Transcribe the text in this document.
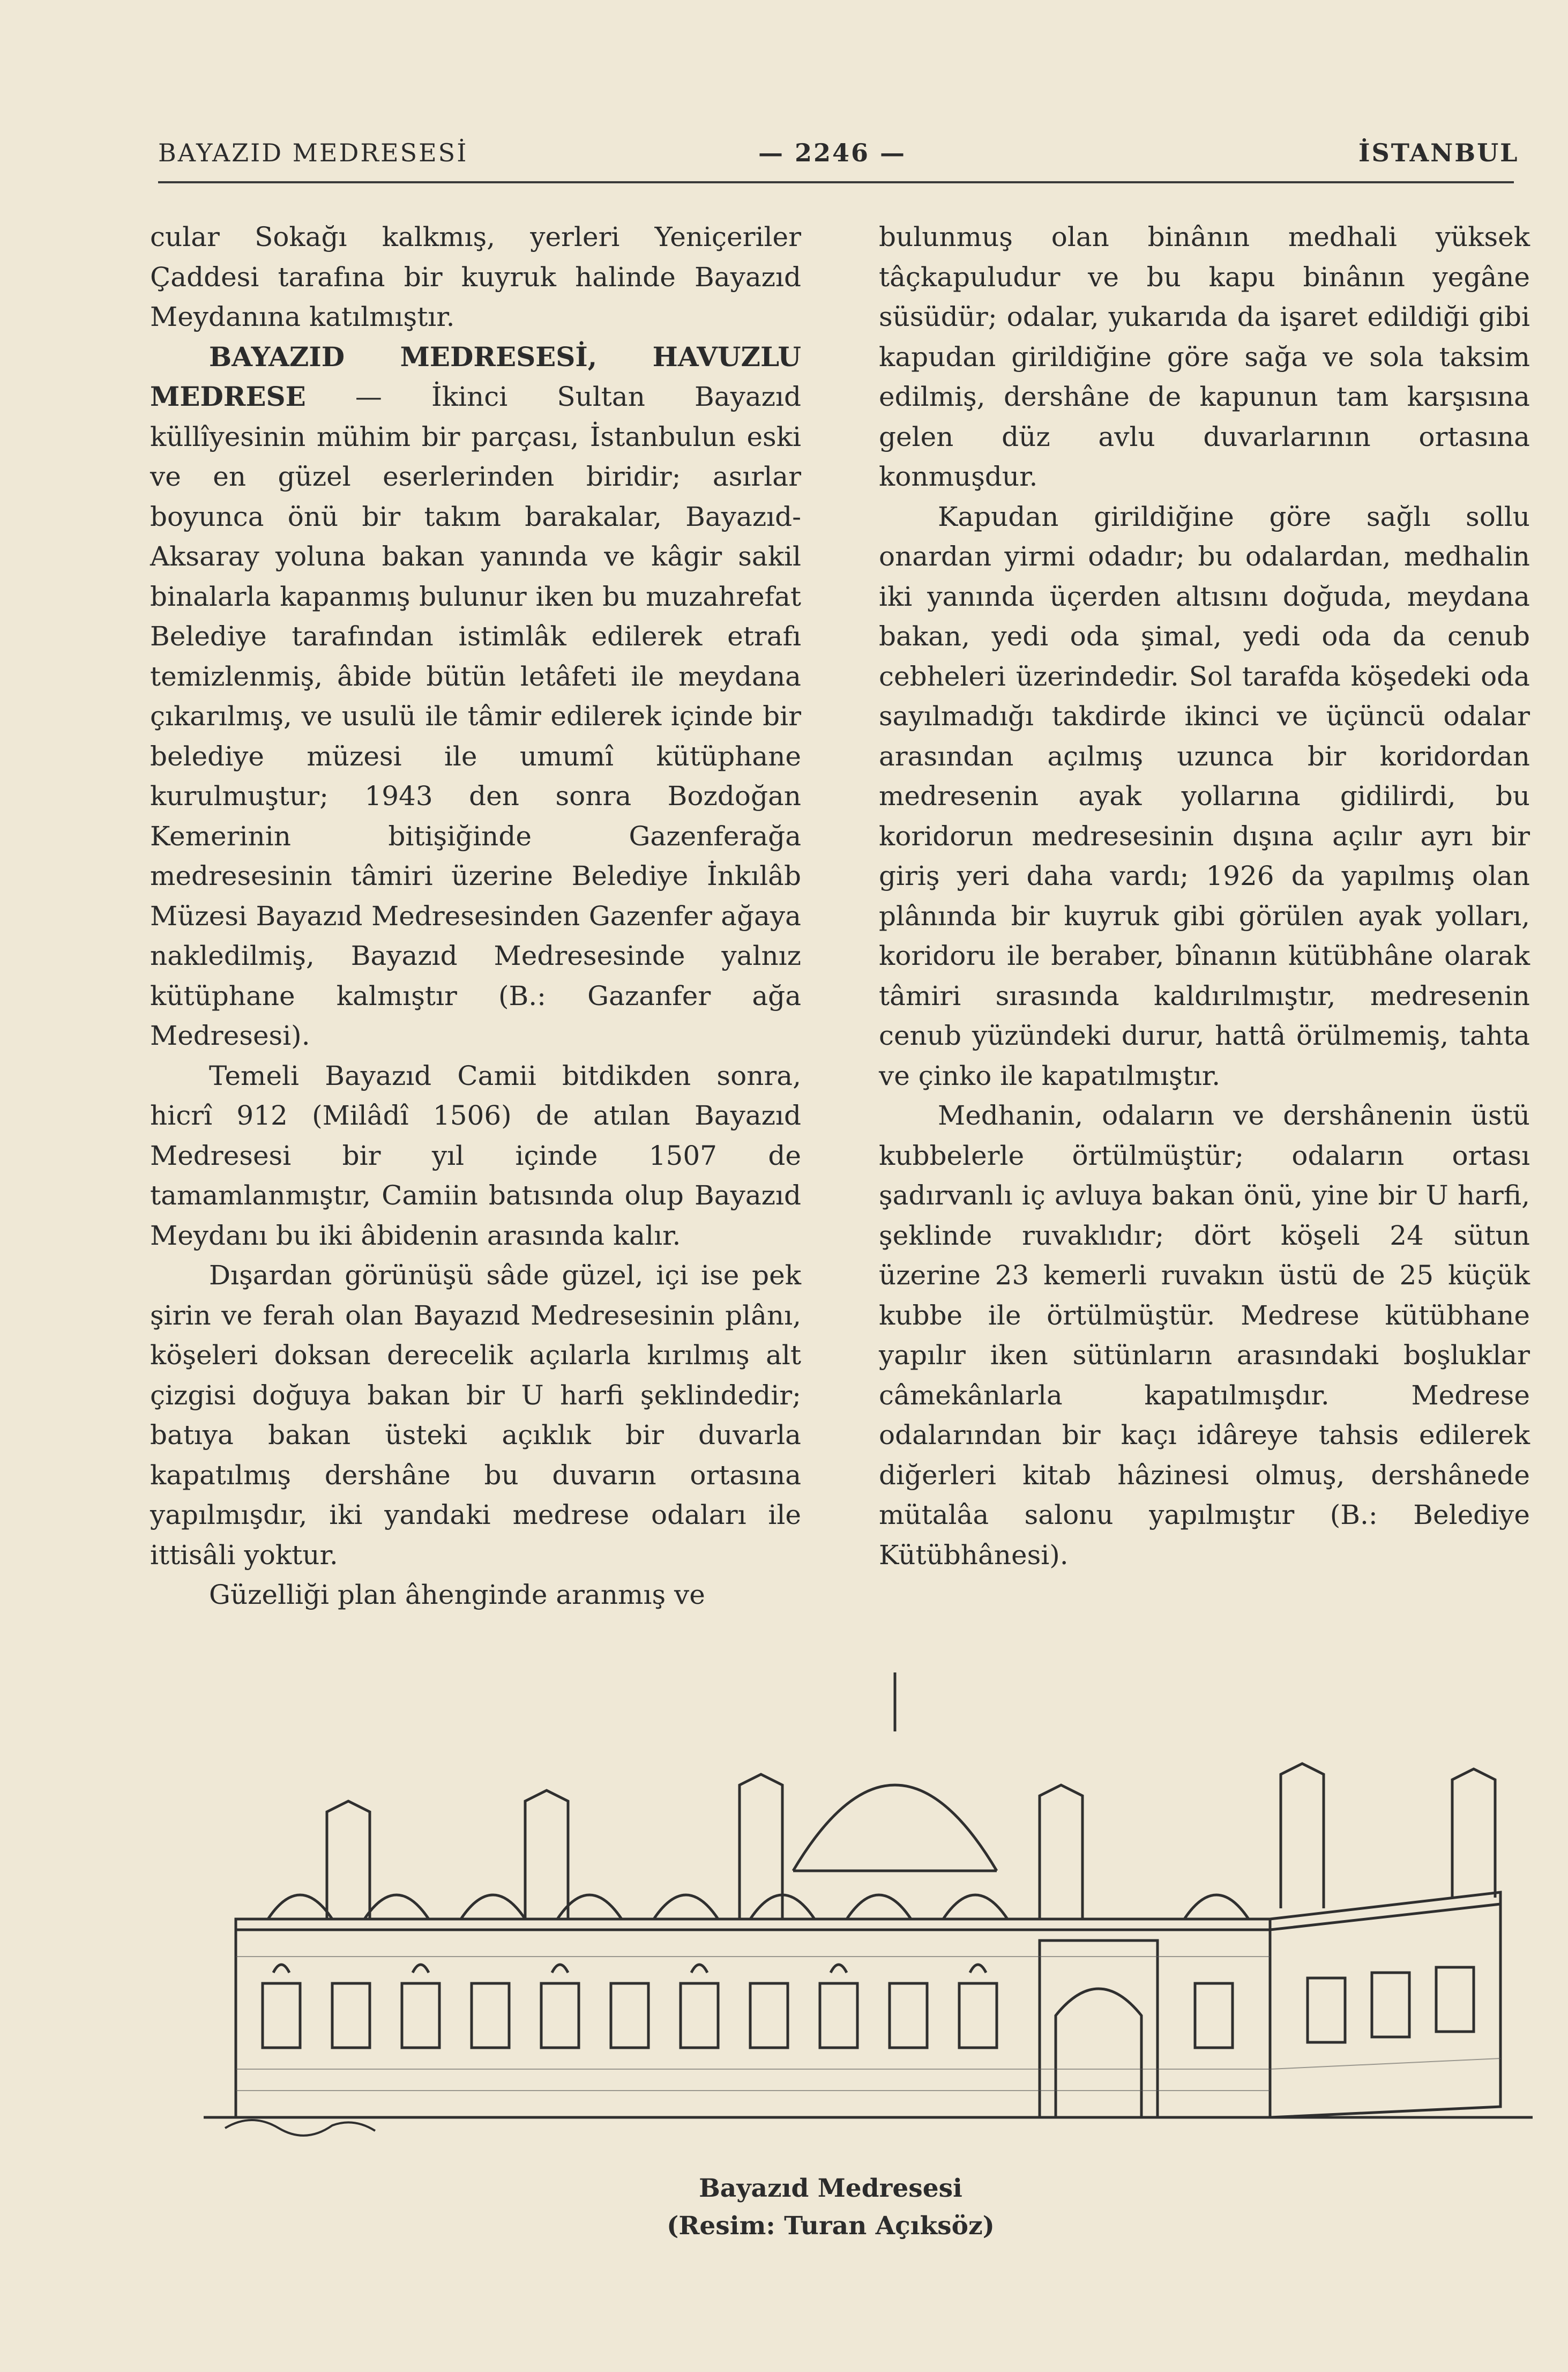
BAYAZID MEDRESESİ	— 2246 —	İSTANBUL

cular Sokağı kalkmış, yerleri Yeniçeriler Çaddesi tarafına bir kuyruk halinde Bayazıd Meydanına katılmıştır.

BAYAZID MEDRESESİ, HAVUZLU MEDRESE — İkinci Sultan Bayazıd küllîyesinin mühim bir parçası, İstanbulun eski ve en güzel eserlerinden biridir; asırlar boyunca önü bir takım barakalar, Bayazıd-Aksaray yoluna bakan yanında ve kâgir sakil binalarla kapanmış bulunur iken bu muzahrefat Belediye tarafından istimlâk edilerek etrafı temizlenmiş, âbide bütün letâfeti ile meydana çıkarılmış, ve usulü ile tâmir edilerek içinde bir belediye müzesi ile umumî kütüphane kurulmuştur; 1943 den sonra Bozdoğan Kemerinin bitişiğinde Gazenferağa medresesinin tâmiri üzerine Belediye İnkılâb Müzesi Bayazıd Medresesinden Gazenfer ağaya nakledilmiş, Bayazıd Medresesinde yalnız kütüphane kalmıştır (B.: Gazanfer ağa Medresesi).

Temeli Bayazıd Camii bitdikden sonra, hicrî 912 (Milâdî 1506) de atılan Bayazıd Medresesi bir yıl içinde 1507 de tamamlanmıştır, Camiin batısında olup Bayazıd Meydanı bu iki âbidenin arasında kalır.

Dışardan görünüşü sâde güzel, içi ise pek şirin ve ferah olan Bayazıd Medresesinin plânı, köşeleri doksan derecelik açılarla kırılmış alt çizgisi doğuya bakan bir U harfi şeklindedir; batıya bakan üsteki açıklık bir duvarla kapatılmış dershâne bu duvarın ortasına yapılmışdır, iki yandaki medrese odaları ile ittisâli yoktur.

Güzelliği plan âhenginde aranmış ve

bulunmuş olan binânın medhali yüksek tâçkapuludur ve bu kapu binânın yegâne süsüdür; odalar, yukarıda da işaret edildiği gibi kapudan girildiğine göre sağa ve sola taksim edilmiş, dershâne de kapunun tam karşısına gelen düz avlu duvarlarının ortasına konmuşdur.

Kapudan girildiğine göre sağlı sollu onardan yirmi odadır; bu odalardan, medhalin iki yanında üçerden altısını doğuda, meydana bakan, yedi oda şimal, yedi oda da cenub cebheleri üzerindedir. Sol tarafda köşedeki oda sayılmadığı takdirde ikinci ve üçüncü odalar arasından açılmış uzunca bir koridordan medresenin ayak yollarına gidilirdi, bu koridorun medresesinin dışına açılır ayrı bir giriş yeri daha vardı; 1926 da yapılmış olan plânında bir kuyruk gibi görülen ayak yolları, koridoru ile beraber, bînanın kütübhâne olarak tâmiri sırasında kaldırılmıştır, medresenin cenub yüzündeki durur, hattâ örülmemiş, tahta ve çinko ile kapatılmıştır.

Medhanin, odaların ve dershânenin üstü kubbelerle örtülmüştür; odaların ortası şadırvanlı iç avluya bakan önü, yine bir U harfi, şeklinde ruvaklıdır; dört köşeli 24 sütun üzerine 23 kemerli ruvakın üstü de 25 küçük kubbe ile örtülmüştür. Medrese kütübhane yapılır iken sütünların arasındaki boşluklar câmekânlarla kapatılmışdır. Medrese odalarından bir kaçı idâreye tahsis edilerek diğerleri kitab hâzinesi olmuş, dershânede mütalâa salonu yapılmıştır (B.: Belediye Kütübhânesi).

Bayazıd Medresesi
(Resim: Turan Açıksöz)
